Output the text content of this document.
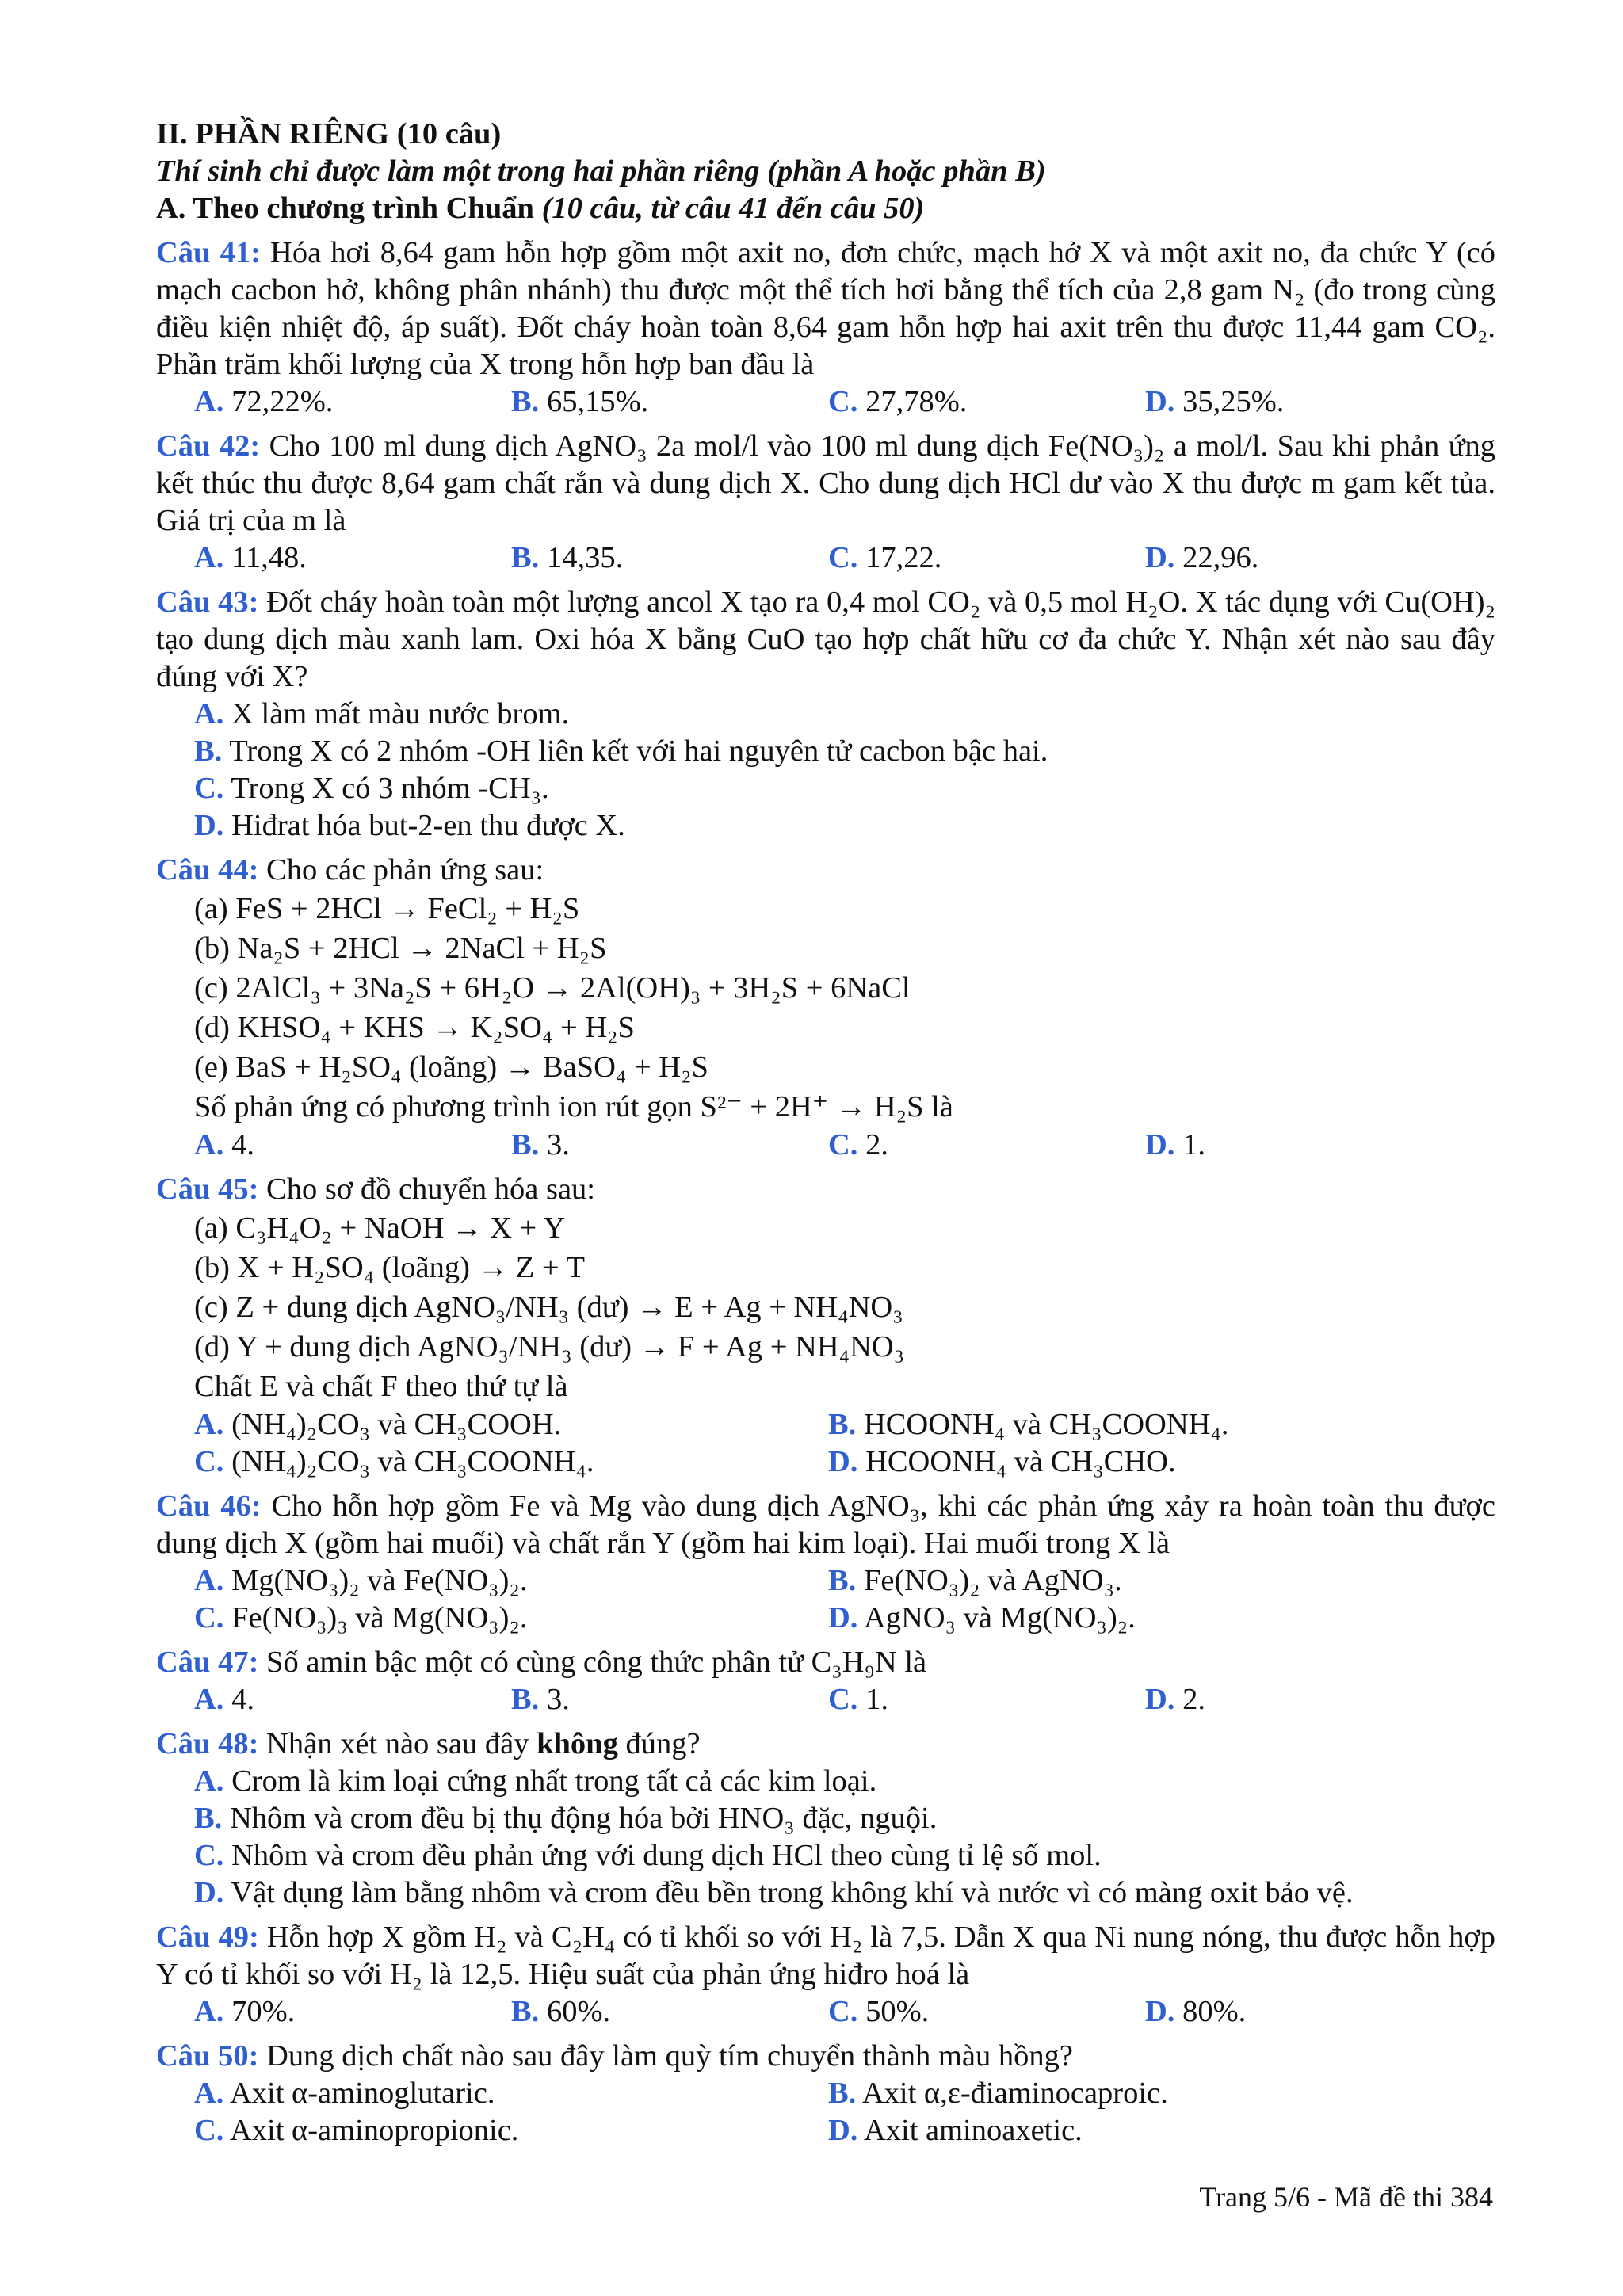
II. PHẦN RIÊNG (10 câu)
Thí sinh chỉ được làm một trong hai phần riêng (phần A hoặc phần B)
A. Theo chương trình Chuẩn (10 câu, từ câu 41 đến câu 50)

Câu 41: Hóa hơi 8,64 gam hỗn hợp gồm một axit no, đơn chức, mạch hở X và một axit no, đa chức Y (có mạch cacbon hở, không phân nhánh) thu được một thể tích hơi bằng thể tích của 2,8 gam N₂ (đo trong cùng điều kiện nhiệt độ, áp suất). Đốt cháy hoàn toàn 8,64 gam hỗn hợp hai axit trên thu được 11,44 gam CO₂. Phần trăm khối lượng của X trong hỗn hợp ban đầu là

A. 72,22%.	B. 65,15%.	C. 27,78%.	D. 35,25%.

Câu 42: Cho 100 ml dung dịch AgNO₃ 2a mol/l vào 100 ml dung dịch Fe(NO₃)₂ a mol/l. Sau khi phản ứng kết thúc thu được 8,64 gam chất rắn và dung dịch X. Cho dung dịch HCl dư vào X thu được m gam kết tủa. Giá trị của m là

A. 11,48.	B. 14,35.	C. 17,22.	D. 22,96.

Câu 43: Đốt cháy hoàn toàn một lượng ancol X tạo ra 0,4 mol CO₂ và 0,5 mol H₂O. X tác dụng với Cu(OH)₂ tạo dung dịch màu xanh lam. Oxi hóa X bằng CuO tạo hợp chất hữu cơ đa chức Y. Nhận xét nào sau đây đúng với X?

A. X làm mất màu nước brom.
B. Trong X có 2 nhóm -OH liên kết với hai nguyên tử cacbon bậc hai.
C. Trong X có 3 nhóm -CH₃.
D. Hiđrat hóa but-2-en thu được X.

Câu 44: Cho các phản ứng sau:

(a) FeS + 2HCl → FeCl₂ + H₂S
(b) Na₂S + 2HCl → 2NaCl + H₂S
(c) 2AlCl₃ + 3Na₂S + 6H₂O → 2Al(OH)₃ + 3H₂S + 6NaCl
(d) KHSO₄ + KHS → K₂SO₄ + H₂S
(e) BaS + H₂SO₄ (loãng) → BaSO₄ + H₂S
Số phản ứng có phương trình ion rút gọn S²⁻ + 2H⁺ → H₂S là
A. 4.	B. 3.	C. 2.	D. 1.

Câu 45: Cho sơ đồ chuyển hóa sau:

(a) C₃H₄O₂ + NaOH → X + Y
(b) X + H₂SO₄ (loãng) → Z + T
(c) Z + dung dịch AgNO₃/NH₃ (dư) → E + Ag + NH₄NO₃
(d) Y + dung dịch AgNO₃/NH₃ (dư) → F + Ag + NH₄NO₃
Chất E và chất F theo thứ tự là
A. (NH₄)₂CO₃ và CH₃COOH.	B. HCOONH₄ và CH₃COONH₄.
C. (NH₄)₂CO₃ và CH₃COONH₄.	D. HCOONH₄ và CH₃CHO.

Câu 46: Cho hỗn hợp gồm Fe và Mg vào dung dịch AgNO₃, khi các phản ứng xảy ra hoàn toàn thu được dung dịch X (gồm hai muối) và chất rắn Y (gồm hai kim loại). Hai muối trong X là

A. Mg(NO₃)₂ và Fe(NO₃)₂.	B. Fe(NO₃)₂ và AgNO₃.
C. Fe(NO₃)₃ và Mg(NO₃)₂.	D. AgNO₃ và Mg(NO₃)₂.

Câu 47: Số amin bậc một có cùng công thức phân tử C₃H₉N là

A. 4.	B. 3.	C. 1.	D. 2.

Câu 48: Nhận xét nào sau đây không đúng?

A. Crom là kim loại cứng nhất trong tất cả các kim loại.
B. Nhôm và crom đều bị thụ động hóa bởi HNO₃ đặc, nguội.
C. Nhôm và crom đều phản ứng với dung dịch HCl theo cùng tỉ lệ số mol.
D. Vật dụng làm bằng nhôm và crom đều bền trong không khí và nước vì có màng oxit bảo vệ.

Câu 49: Hỗn hợp X gồm H₂ và C₂H₄ có tỉ khối so với H₂ là 7,5. Dẫn X qua Ni nung nóng, thu được hỗn hợp Y có tỉ khối so với H₂ là 12,5. Hiệu suất của phản ứng hiđro hoá là

A. 70%.	B. 60%.	C. 50%.	D. 80%.

Câu 50: Dung dịch chất nào sau đây làm quỳ tím chuyển thành màu hồng?

A. Axit α-aminoglutaric.	B. Axit α,ε-điaminocaproic.
C. Axit α-aminopropionic.	D. Axit aminoaxetic.
Trang 5/6 - Mã đề thi 384
